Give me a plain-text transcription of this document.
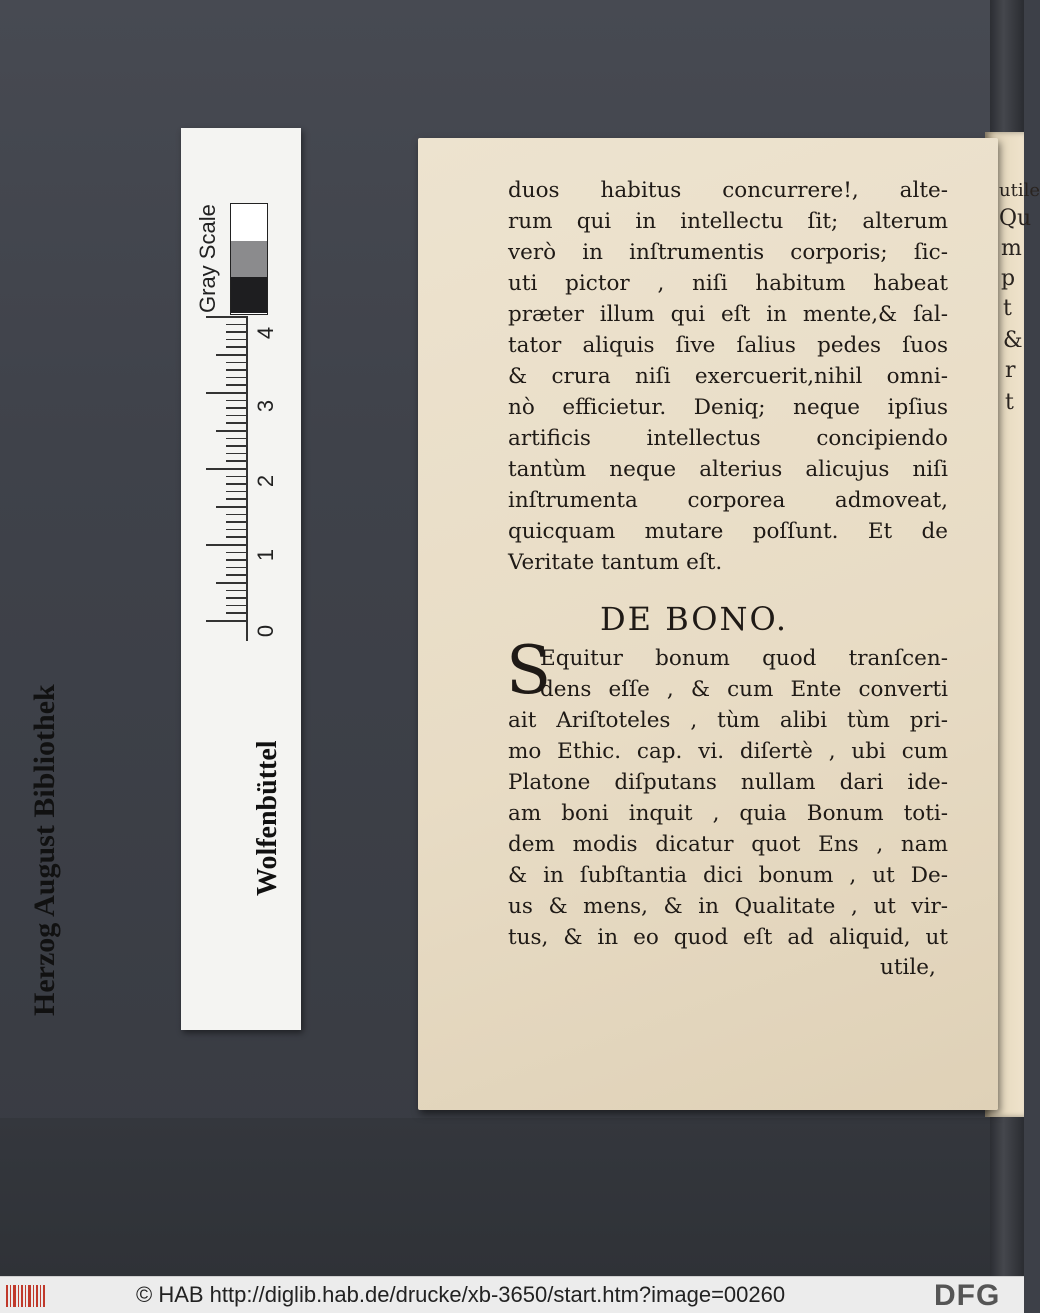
Herzog August Bibliothek	Wolfenbüttel
Gray Scale
0
1
2
3
4
utile
Qu
m
p
t
&
r
t
duos habitus concurrere!, alte-
rum qui in intellectu ſit; alterum
verò in inſtrumentis corporis; ſic-
uti pictor , niſi habitum habeat
præter illum qui eſt in mente,& ſal-
tator aliquis ſive ſalius pedes ſuos
& crura niſi exercuerit,nihil omni-
nò efficietur. Deniq; neque ipſius
artificis intellectus concipiendo
tantùm neque alterius alicujus niſi
inſtrumenta corporea admoveat,
quicquam mutare poſſunt. Et de
Veritate tantum eſt.
DE BONO.
S
Equitur bonum quod tranſcen-
dens eſſe , & cum Ente converti
ait Ariſtoteles , tùm alibi tùm pri-
mo Ethic. cap. vi. diſertè , ubi cum
Platone diſputans nullam dari ide-
am boni inquit , quia Bonum toti-
dem modis dicatur quot Ens , nam
& in ſubſtantia dici bonum , ut De-
us & mens, & in Qualitate , ut vir-
tus, & in eo quod eſt ad aliquid, ut
utile,
© HAB http://diglib.hab.de/drucke/xb-3650/start.htm?image=00260	DFG
